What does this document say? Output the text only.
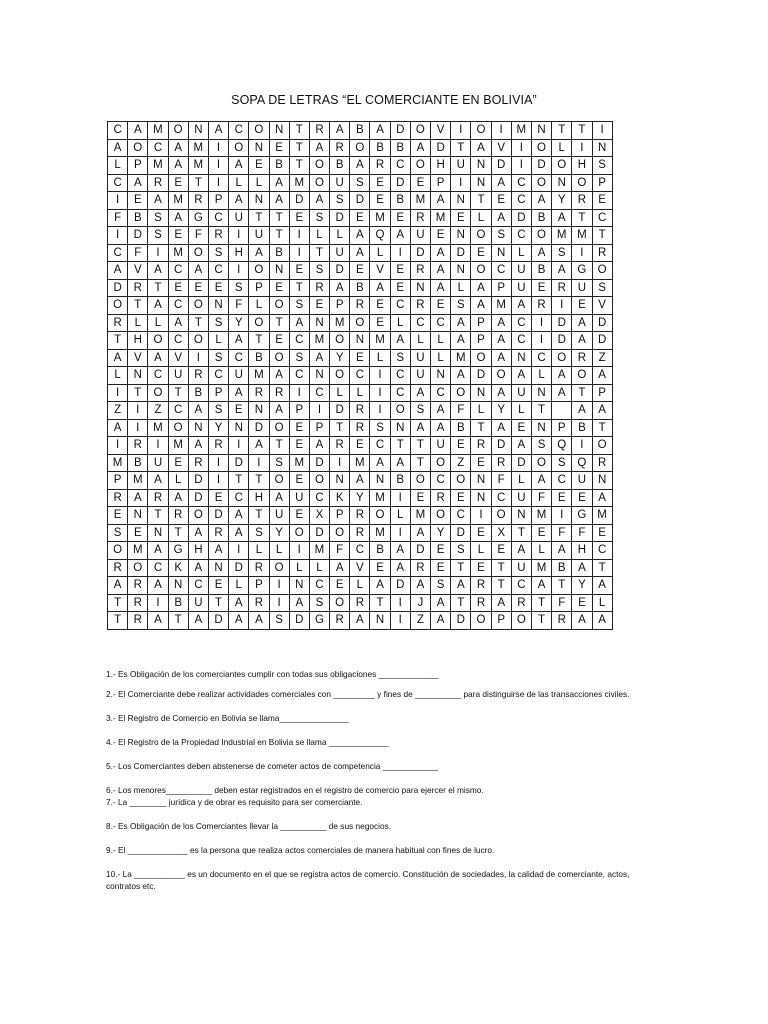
SOPA DE LETRAS “EL COMERCIANTE EN BOLIVIA”
C	A	M	O	N	A	C	O	N	T	R	A	B	A	D	O	V	I	O	I	M	N	T	T	I
A	O	C	A	M	I	O	N	E	T	A	R	O	B	B	A	D	T	A	V	I	O	L	I	N
L	P	M	A	M	I	A	E	B	T	O	B	A	R	C	O	H	U	N	D	I	D	O	H	S
C	A	R	E	T	I	L	L	A	M	O	U	S	E	D	E	P	I	N	A	C	O	N	O	P
I	E	A	M	R	P	A	N	A	D	A	S	D	E	B	M	A	N	T	E	C	A	Y	R	E
F	B	S	A	G	C	U	T	T	E	S	D	E	M	E	R	M	E	L	A	D	B	A	T	C
I	D	S	E	F	R	I	U	T	I	L	L	A	Q	A	U	E	N	O	S	C	O	M	M	T
C	F	I	M	O	S	H	A	B	I	T	U	A	L	I	D	A	D	E	N	L	A	S	I	R
A	V	A	C	A	C	I	O	N	E	S	D	E	V	E	R	A	N	O	C	U	B	A	G	O
D	R	T	E	E	E	S	P	E	T	R	A	B	A	E	N	A	L	A	P	U	E	R	U	S
O	T	A	C	O	N	F	L	O	S	E	P	R	E	C	R	E	S	A	M	A	R	I	E	V
R	L	L	A	T	S	Y	O	T	A	N	M	O	E	L	C	C	A	P	A	C	I	D	A	D
T	H	O	C	O	L	A	T	E	C	M	O	N	M	A	L	L	A	P	A	C	I	D	A	D
A	V	A	V	I	S	C	B	O	S	A	Y	E	L	S	U	L	M	O	A	N	C	O	R	Z
L	N	C	U	R	C	U	M	A	C	N	O	C	I	C	U	N	A	D	O	A	L	A	O	A
I	T	O	T	B	P	A	R	R	I	C	L	L	I	C	A	C	O	N	A	U	N	A	T	P
Z	I	Z	C	A	S	E	N	A	P	I	D	R	I	O	S	A	F	L	Y	L	T		A	A
A	I	M	O	N	Y	N	D	O	E	P	T	R	S	N	A	A	B	T	A	E	N	P	B	T
I	R	I	M	A	R	I	A	T	E	A	R	E	C	T	T	U	E	R	D	A	S	Q	I	O
M	B	U	E	R	I	D	I	S	M	D	I	M	A	A	T	O	Z	E	R	D	O	S	Q	R
P	M	A	L	D	I	T	T	O	E	O	N	A	N	B	O	C	O	N	F	L	A	C	U	N
R	A	R	A	D	E	C	H	A	U	C	K	Y	M	I	E	R	E	N	C	U	F	E	E	A
E	N	T	R	O	D	A	T	U	E	X	P	R	O	L	M	O	C	I	O	N	M	I	G	M
S	E	N	T	A	R	A	S	Y	O	D	O	R	M	I	A	Y	D	E	X	T	E	F	F	E
O	M	A	G	H	A	I	L	L	I	M	F	C	B	A	D	E	S	L	E	A	L	A	H	C
R	O	C	K	A	N	D	R	O	L	L	A	V	E	A	R	E	T	E	T	U	M	B	A	T
A	R	A	N	C	E	L	P	I	N	C	E	L	A	D	A	S	A	R	T	C	A	T	Y	A
T	R	I	B	U	T	A	R	I	A	S	O	R	T	I	J	A	T	R	A	R	T	F	E	L
T	R	A	T	A	D	A	A	S	D	G	R	A	N	I	Z	A	D	O	P	O	T	R	A	A

1.- Es Obligación de los comerciantes cumplir con todas sus obligaciones _____________

2.- El Comerciante debe realizar actividades comerciales con _________ y fines de __________ para distinguirse de las transacciones civiles.

3.- El Registro de Comercio en Bolivia se llama_______________

4.- El Registro de la Propiedad Industrial en Bolivia se llama _____________

5.- Los Comerciantes deben abstenerse de cometer actos de competencia ____________

6.- Los menores__________ deben estar registrados en el registro de comercio para ejercer el mismo.

7.- La ________ jurídica y de obrar es requisito para ser comerciante.

8.- Es Obligación de los Comerciantes llevar la __________ de sus negocios.

9.- El _____________ es la persona que realiza actos comerciales de manera habitual con fines de lucro.

10.- La ___________ es un documento en el que se registra actos de comercio. Constitución de sociedades, la calidad de comerciante, actos, contratos etc.
